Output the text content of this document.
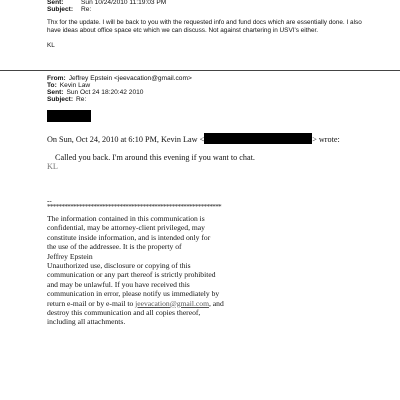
Sent:	Sun 10/24/2010 11:19:03 PM
Subject: Re:
Thx for the update. I will be back to you with the requested info and fund docs which are essentially done. I also have ideas about office space etc which we can discuss. Not against chartering in USVI's either.
KL
From: Jeffrey Epstein <jeevacation@gmail.com>
To: Kevin Law
Sent: Sun Oct 24 18:20:42 2010
Subject: Re:
On Sun, Oct 24, 2010 at 6:10 PM, Kevin Law <	> wrote:
Called you back. I'm around this evening if you want to chat.
KL
--
************************************************************
The information contained in this communication is
confidential, may be attorney-client privileged, may
constitute inside information, and is intended only for
the use of the addressee. It is the property of
Jeffrey Epstein
Unauthorized use, disclosure or copying of this
communication or any part thereof is strictly prohibited
and may be unlawful. If you have received this
communication in error, please notify us immediately by
return e-mail or by e-mail to jeevacation@gmail.com, and
destroy this communication and all copies thereof,
including all attachments.
